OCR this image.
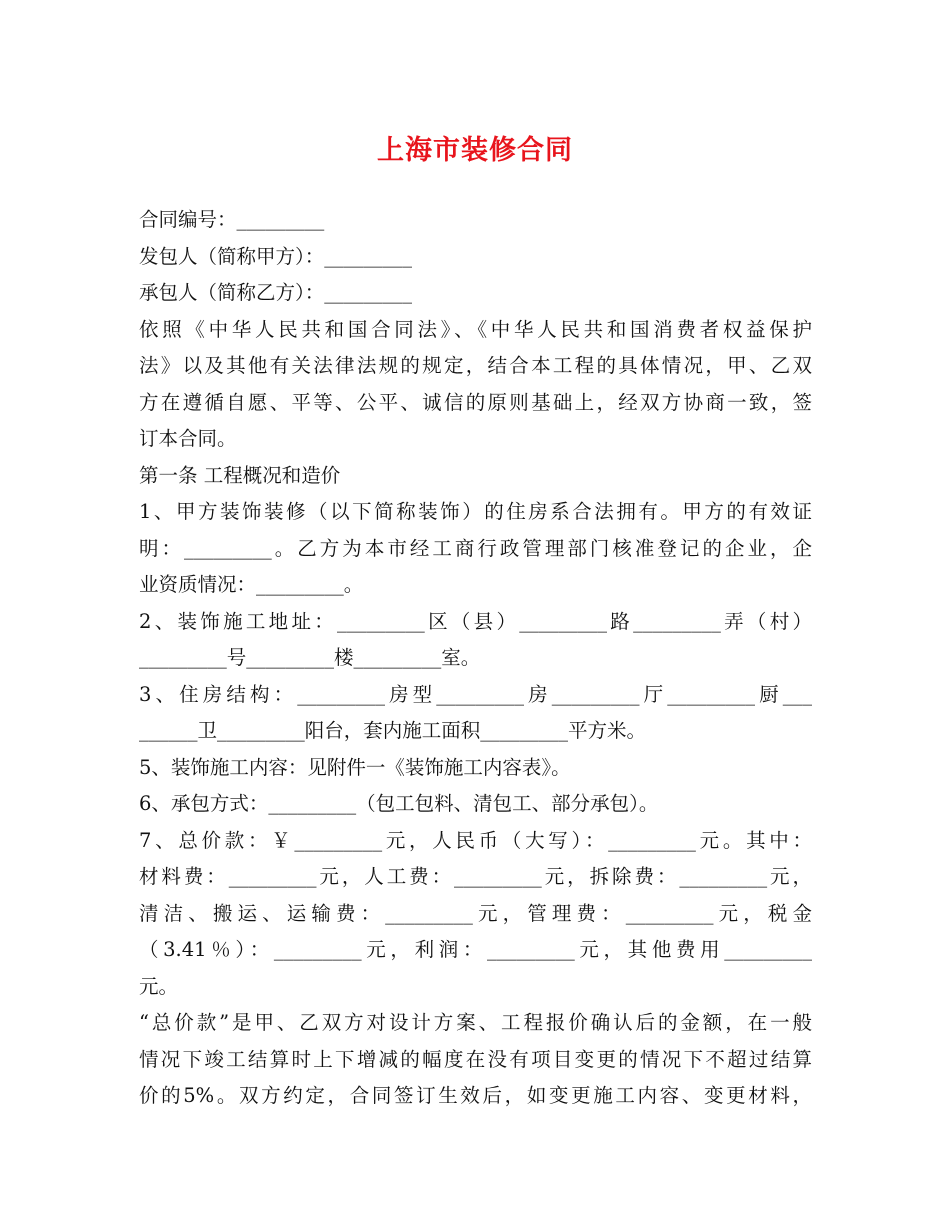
上海市装修合同
合同编号：_________
发包人（简称甲方）：_________
承包人（简称乙方）：_________
依照《中华人民共和国合同法》、《中华人民共和国消费者权益保护
法》以及其他有关法律法规的规定，结合本工程的具体情况，甲、乙双
方在遵循自愿、平等、公平、诚信的原则基础上，经双方协商一致，签
订本合同。
第一条 工程概况和造价
1、甲方装饰装修（以下简称装饰）的住房系合法拥有。甲方的有效证
明：_________。乙方为本市经工商行政管理部门核准登记的企业，企
业资质情况：_________。
2、装饰施工地址：_________区（县）_________路_________弄（村）
_________号_________楼_________室。
3、住房结构：_________房型_________房_________厅_________厨___
______卫_________阳台，套内施工面积_________平方米。
5、装饰施工内容：见附件一《装饰施工内容表》。
6、承包方式：_________（包工包料、清包工、部分承包）。
7、总价款：￥_________元，人民币（大写）：_________元。其中：
材料费：_________元，人工费：_________元，拆除费：_________元，
清洁、搬运、运输费：_________元，管理费：_________元，税金
（3.41％）：_________元，利润：_________元，其他费用_________
元。
“总价款”是甲、乙双方对设计方案、工程报价确认后的金额，在一般
情况下竣工结算时上下增减的幅度在没有项目变更的情况下不超过结算
价的5%。双方约定，合同签订生效后，如变更施工内容、变更材料，
